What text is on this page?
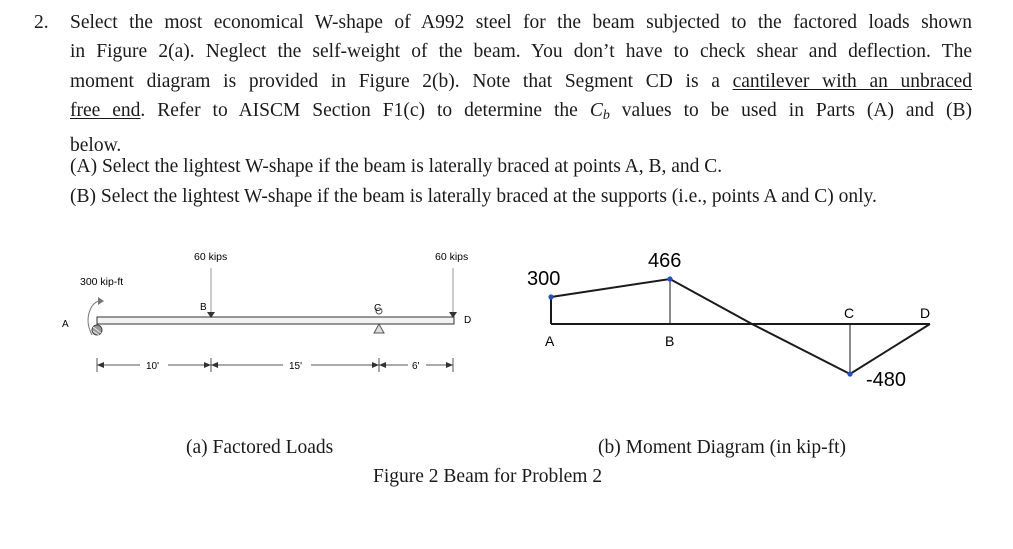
2. Select the most economical W-shape of A992 steel for the beam subjected to the factored loads shown
in Figure 2(a). Neglect the self-weight of the beam. You don’t have to check shear and deflection. The
moment diagram is provided in Figure 2(b). Note that Segment CD is a cantilever with an unbraced
free end. Refer to AISCM Section F1(c) to determine the $C_b$ values to be used in Parts (A) and (B)
below.
(A) Select the lightest W-shape if the beam is laterally braced at points A, B, and C.
(B) Select the lightest W-shape if the beam is laterally braced at the supports (i.e., points A and C) only.
300 kip-ft
60 kips	60 kips
A
B	C
D
10'	15'	6'
300
466
-480
A	B
C	D
(a) Factored Loads	(b) Moment Diagram (in kip-ft)
Figure 2 Beam for Problem 2
